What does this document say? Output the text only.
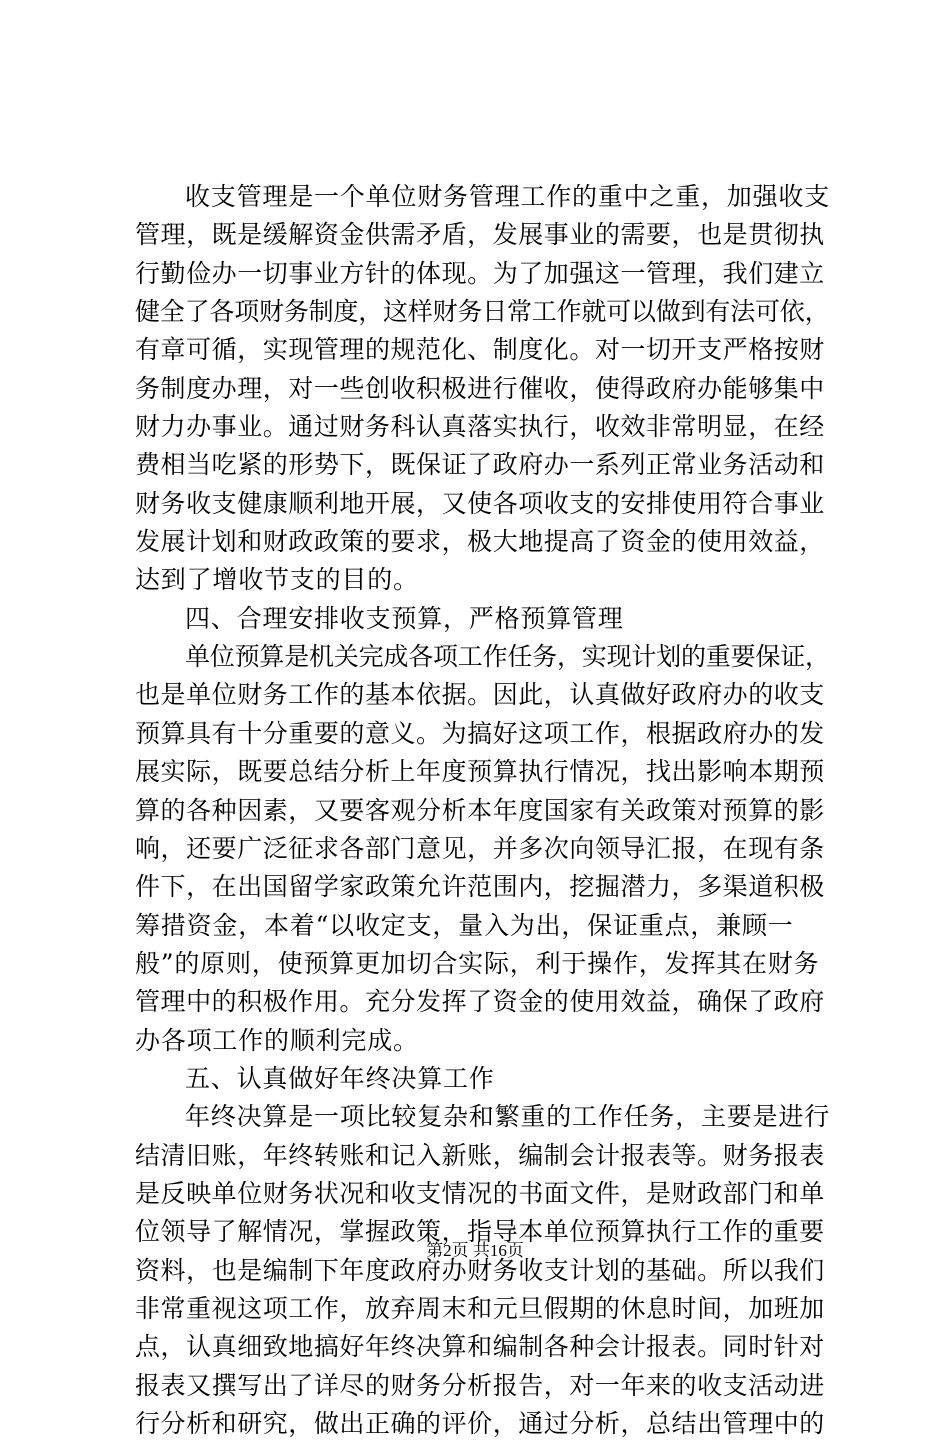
收支管理是一个单位财务管理工作的重中之重，加强收支
管理，既是缓解资金供需矛盾，发展事业的需要，也是贯彻执
行勤俭办一切事业方针的体现。为了加强这一管理，我们建立
健全了各项财务制度，这样财务日常工作就可以做到有法可依，
有章可循，实现管理的规范化、制度化。对一切开支严格按财
务制度办理，对一些创收积极进行催收，使得政府办能够集中
财力办事业。通过财务科认真落实执行，收效非常明显，在经
费相当吃紧的形势下，既保证了政府办一系列正常业务活动和
财务收支健康顺利地开展，又使各项收支的安排使用符合事业
发展计划和财政政策的要求，极大地提高了资金的使用效益，
达到了增收节支的目的。
四、合理安排收支预算，严格预算管理
单位预算是机关完成各项工作任务，实现计划的重要保证，
也是单位财务工作的基本依据。因此，认真做好政府办的收支
预算具有十分重要的意义。为搞好这项工作，根据政府办的发
展实际，既要总结分析上年度预算执行情况，找出影响本期预
算的各种因素，又要客观分析本年度国家有关政策对预算的影
响，还要广泛征求各部门意见，并多次向领导汇报，在现有条
件下，在出国留学家政策允许范围内，挖掘潜力，多渠道积极
筹措资金，本着“以收定支，量入为出，保证重点，兼顾一
般”的原则，使预算更加切合实际，利于操作，发挥其在财务
管理中的积极作用。充分发挥了资金的使用效益，确保了政府
办各项工作的顺利完成。
五、认真做好年终决算工作
年终决算是一项比较复杂和繁重的工作任务，主要是进行
结清旧账，年终转账和记入新账，编制会计报表等。财务报表
是反映单位财务状况和收支情况的书面文件，是财政部门和单
位领导了解情况，掌握政策，指导本单位预算执行工作的重要
资料，也是编制下年度政府办财务收支计划的基础。所以我们
非常重视这项工作，放弃周末和元旦假期的休息时间，加班加
点，认真细致地搞好年终决算和编制各种会计报表。同时针对
报表又撰写出了详尽的财务分析报告，对一年来的收支活动进
行分析和研究，做出正确的评价，通过分析，总结出管理中的
第2页 共16页
